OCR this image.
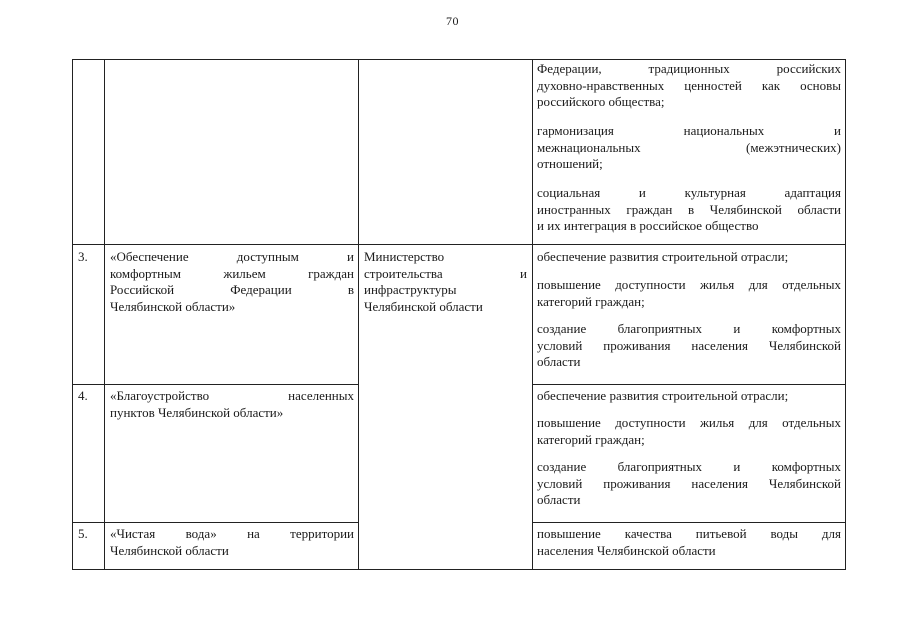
70
Федерации, традиционных российских
духовно-нравственных ценностей как основы
российского общества;
гармонизация национальных и
межнациональных (межэтнических)
отношений;
социальная и культурная адаптация
иностранных граждан в Челябинской области
и их интеграция в российское общество
3. «Обеспечение доступным и
комфортным жильем граждан
Российской Федерации в
Челябинской области»
Министерство
строительства и
инфраструктуры
Челябинской области
обеспечение развития строительной отрасли;
повышение доступности жилья для отдельных
категорий граждан;
создание благоприятных и комфортных
условий проживания населения Челябинской
области
4. «Благоустройство населенных
пунктов Челябинской области»
обеспечение развития строительной отрасли;
повышение доступности жилья для отдельных
категорий граждан;
создание благоприятных и комфортных
условий проживания населения Челябинской
области
5. «Чистая вода» на территории
Челябинской области
повышение качества питьевой воды для
населения Челябинской области
